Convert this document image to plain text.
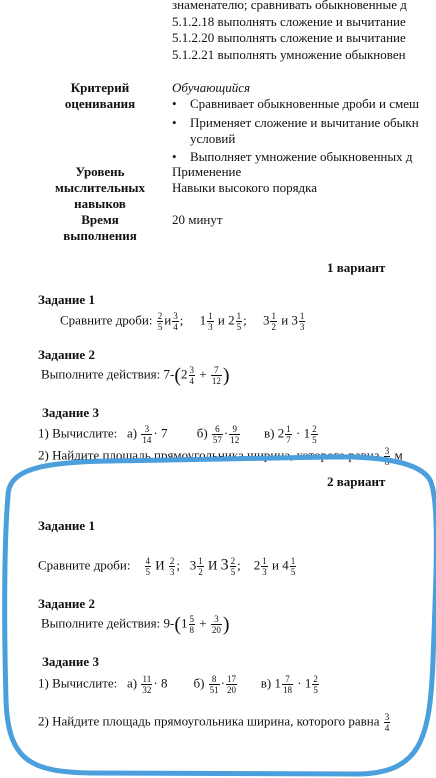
знаменателю; сравнивать обыкновенные д
5.1.2.18 выполнять сложение и вычитание
5.1.2.20 выполнять сложение и вычитание
5.1.2.21 выполнять умножение обыкновен
Критерий
оценивания
Обучающийся
• Сравнивает обыкновенные дроби и смеш
• Применяет сложение и вычитание обыкн
условий
• Выполняет умножение обыкновенных д
Уровень
мыслительных
навыков
Применение
Навыки высокого порядка
Время
выполнения
20 минут
1 вариант
Задание 1
Сравните дроби: $\frac{2}{5}$ и $\frac{3}{4}$ ; $1 \frac{1}{3}$ и $2 \frac{1}{5}$ ; $3 \frac{1}{2}$ и $3 \frac{1}{3}$
Задание 2
Выполните действия: $7-(2 \frac{3}{4} + \frac{7}{12}$ )
Задание 3
1) Вычислите: $а) \frac{3}{14} \cdot 7$ $б) \frac{6}{57} \cdot \frac{9}{12} в$) $2 \frac{1}{7} \cdot 1 \frac{2}{5}$
2) Найдите площадь прямоугольника ширина, которого равна $\frac{3}{8}$ м
2 вариант
Задание 1
Сравните дроби: $\frac{4}{5}$ И $\frac{2}{3}$ ; $3 \frac{1}{2}$ И $3 \frac{2}{5}$ ; $2 \frac{1}{3}$ и $4 \frac{1}{5}$
Задание 2
Выполните действия: $9-(1 \frac{5}{8} + \frac{3}{20}$ )
Задание 3
1) Вычислите: $а) \frac{11}{32} \cdot 8$ $б) \frac{8}{51} \cdot \frac{17}{20} в$) $1 \frac{7}{18} \cdot 1 \frac{2}{5}$
2) Найдите площадь прямоугольника ширина, которого равна $\frac{3}{4}$
